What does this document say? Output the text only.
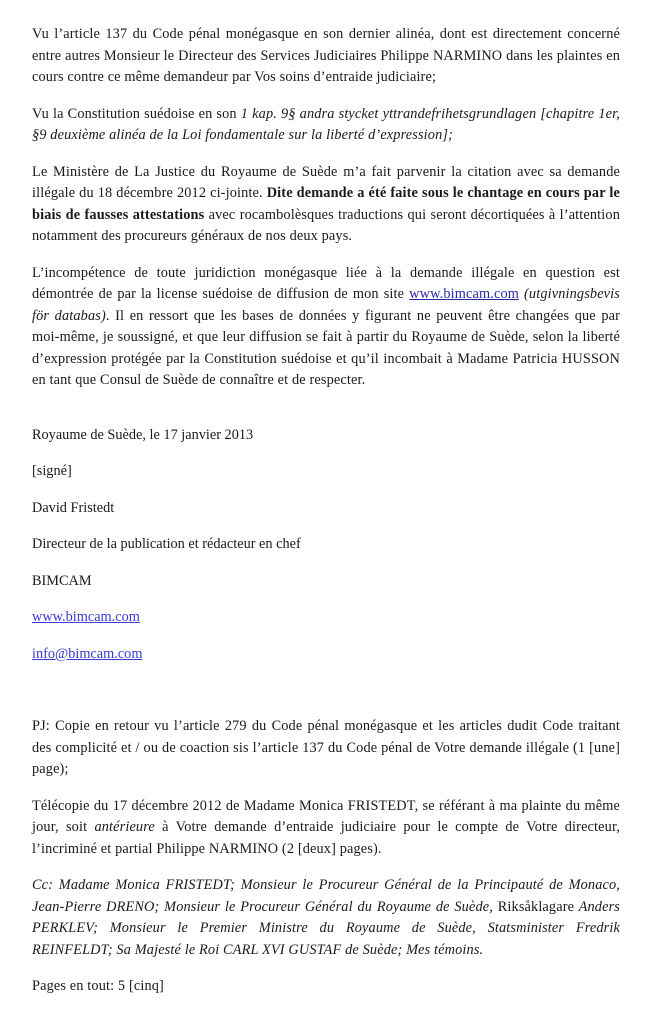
Vu l’article 137 du Code pénal monégasque en son dernier alinéa, dont est directement concerné entre autres Monsieur le Directeur des Services Judiciaires Philippe NARMINO dans les plaintes en cours contre ce même demandeur par Vos soins d’entraide judiciaire;

Vu la Constitution suédoise en son 1 kap. 9§ andra stycket yttrandefrihetsgrundlagen [chapitre 1er, §9 deuxième alinéa de la Loi fondamentale sur la liberté d’expression];

Le Ministère de La Justice du Royaume de Suède m’a fait parvenir la citation avec sa demande illégale du 18 décembre 2012 ci-jointe. Dite demande a été faite sous le chantage en cours par le biais de fausses attestations avec rocambolèsques traductions qui seront décortiquées à l’attention notamment des procureurs généraux de nos deux pays.

L’incompétence de toute juridiction monégasque liée à la demande illégale en question est démontrée de par la license suédoise de diffusion de mon site www.bimcam.com (utgivningsbevis för databas). Il en ressort que les bases de données y figurant ne peuvent être changées que par moi-même, je soussigné, et que leur diffusion se fait à partir du Royaume de Suède, selon la liberté d’expression protégée par la Constitution suédoise et qu’il incombait à Madame Patricia HUSSON en tant que Consul de Suède de connaître et de respecter.

Royaume de Suède, le 17 janvier 2013

[signé]

David Fristedt

Directeur de la publication et rédacteur en chef

BIMCAM

www.bimcam.com

info@bimcam.com

PJ: Copie en retour vu l’article 279 du Code pénal monégasque et les articles dudit Code traitant des complicité et / ou de coaction sis l’article 137 du Code pénal de Votre demande illégale (1 [une] page);

Télécopie du 17 décembre 2012 de Madame Monica FRISTEDT, se référant à ma plainte du même jour, soit antérieure à Votre demande d’entraide judiciaire pour le compte de Votre directeur, l’incriminé et partial Philippe NARMINO (2 [deux] pages).

Cc: Madame Monica FRISTEDT; Monsieur le Procureur Général de la Principauté de Monaco, Jean-Pierre DRENO; Monsieur le Procureur Général du Royaume de Suède, Riksåklagare Anders PERKLEV; Monsieur le Premier Ministre du Royaume de Suède, Statsminister Fredrik REINFELDT; Sa Majesté le Roi CARL XVI GUSTAF de Suède; Mes témoins.

Pages en tout: 5 [cinq]
